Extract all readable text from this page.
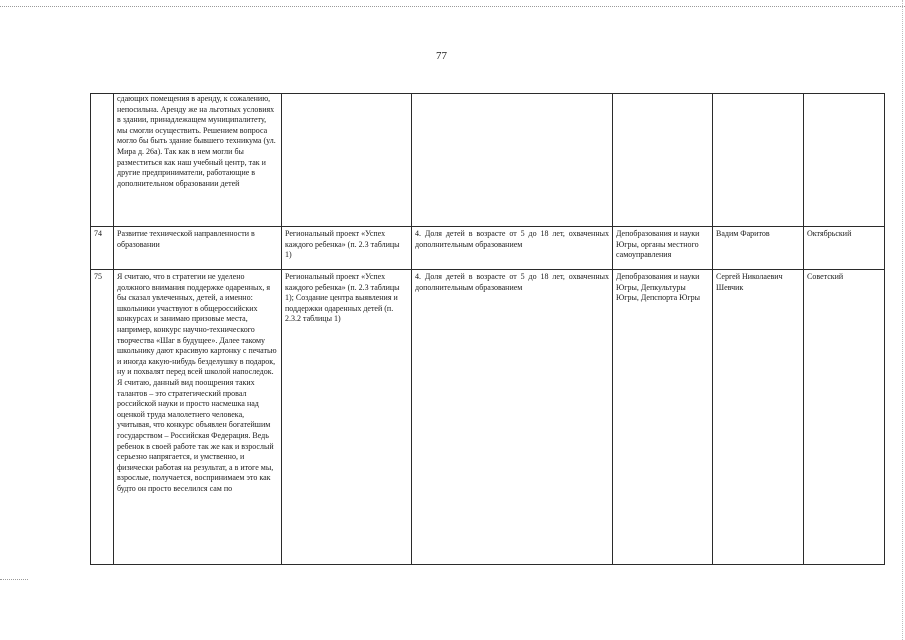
77
	сдающих помещения в аренду, к сожалению, непосильна. Аренду же на льготных условиях в здании, принадлежащем муниципалитету, мы смогли осуществить. Решением вопроса могло бы быть здание бывшего техникума (ул. Мира д. 26а). Так как в нем могли бы разместиться как наш учебный центр, так и другие предприниматели, работающие в дополнительном образовании детей					
74	Развитие технической направленности в образовании	Региональный проект «Успех каждого ребенка» (п. 2.3 таблицы 1)	4. Доля детей в возрасте от 5 до 18 лет, охваченных дополнительным образованием	Депобразования и науки Югры, органы местного самоуправления	Вадим Фаритов	Октябрьский
75	Я считаю, что в стратегии не уделено должного внимания поддержке одаренных, я бы сказал увлеченных, детей, а именно: школьники участвуют в общероссийских конкурсах и занимаю призовые места, например, конкурс научно-технического творчества «Шаг в будущее». Далее такому школьнику дают красивую картонку с печатью и иногда какую-нибудь безделушку в подарок, ну и похвалят перед всей школой напоследок. Я считаю, данный вид поощрения таких талантов – это стратегический провал российской науки и просто насмешка над оценкой труда малолетнего человека, учитывая, что конкурс объявлен богатейшим государством – Российская Федерация. Ведь ребенок в своей работе так же как и взрослый серьезно напрягается, и умственно, и физически работая на результат, а в итоге мы, взрослые, получается, воспринимаем это как будто он просто веселился сам по	Региональный проект «Успех каждого ребенка» (п. 2.3 таблицы 1); Создание центра выявления и поддержки одаренных детей (п. 2.3.2 таблицы 1)	4. Доля детей в возрасте от 5 до 18 лет, охваченных дополнительным образованием	Депобразования и науки Югры, Депкультуры Югры, Депспорта Югры	Сергей Николаевич Шевчик	Советский
